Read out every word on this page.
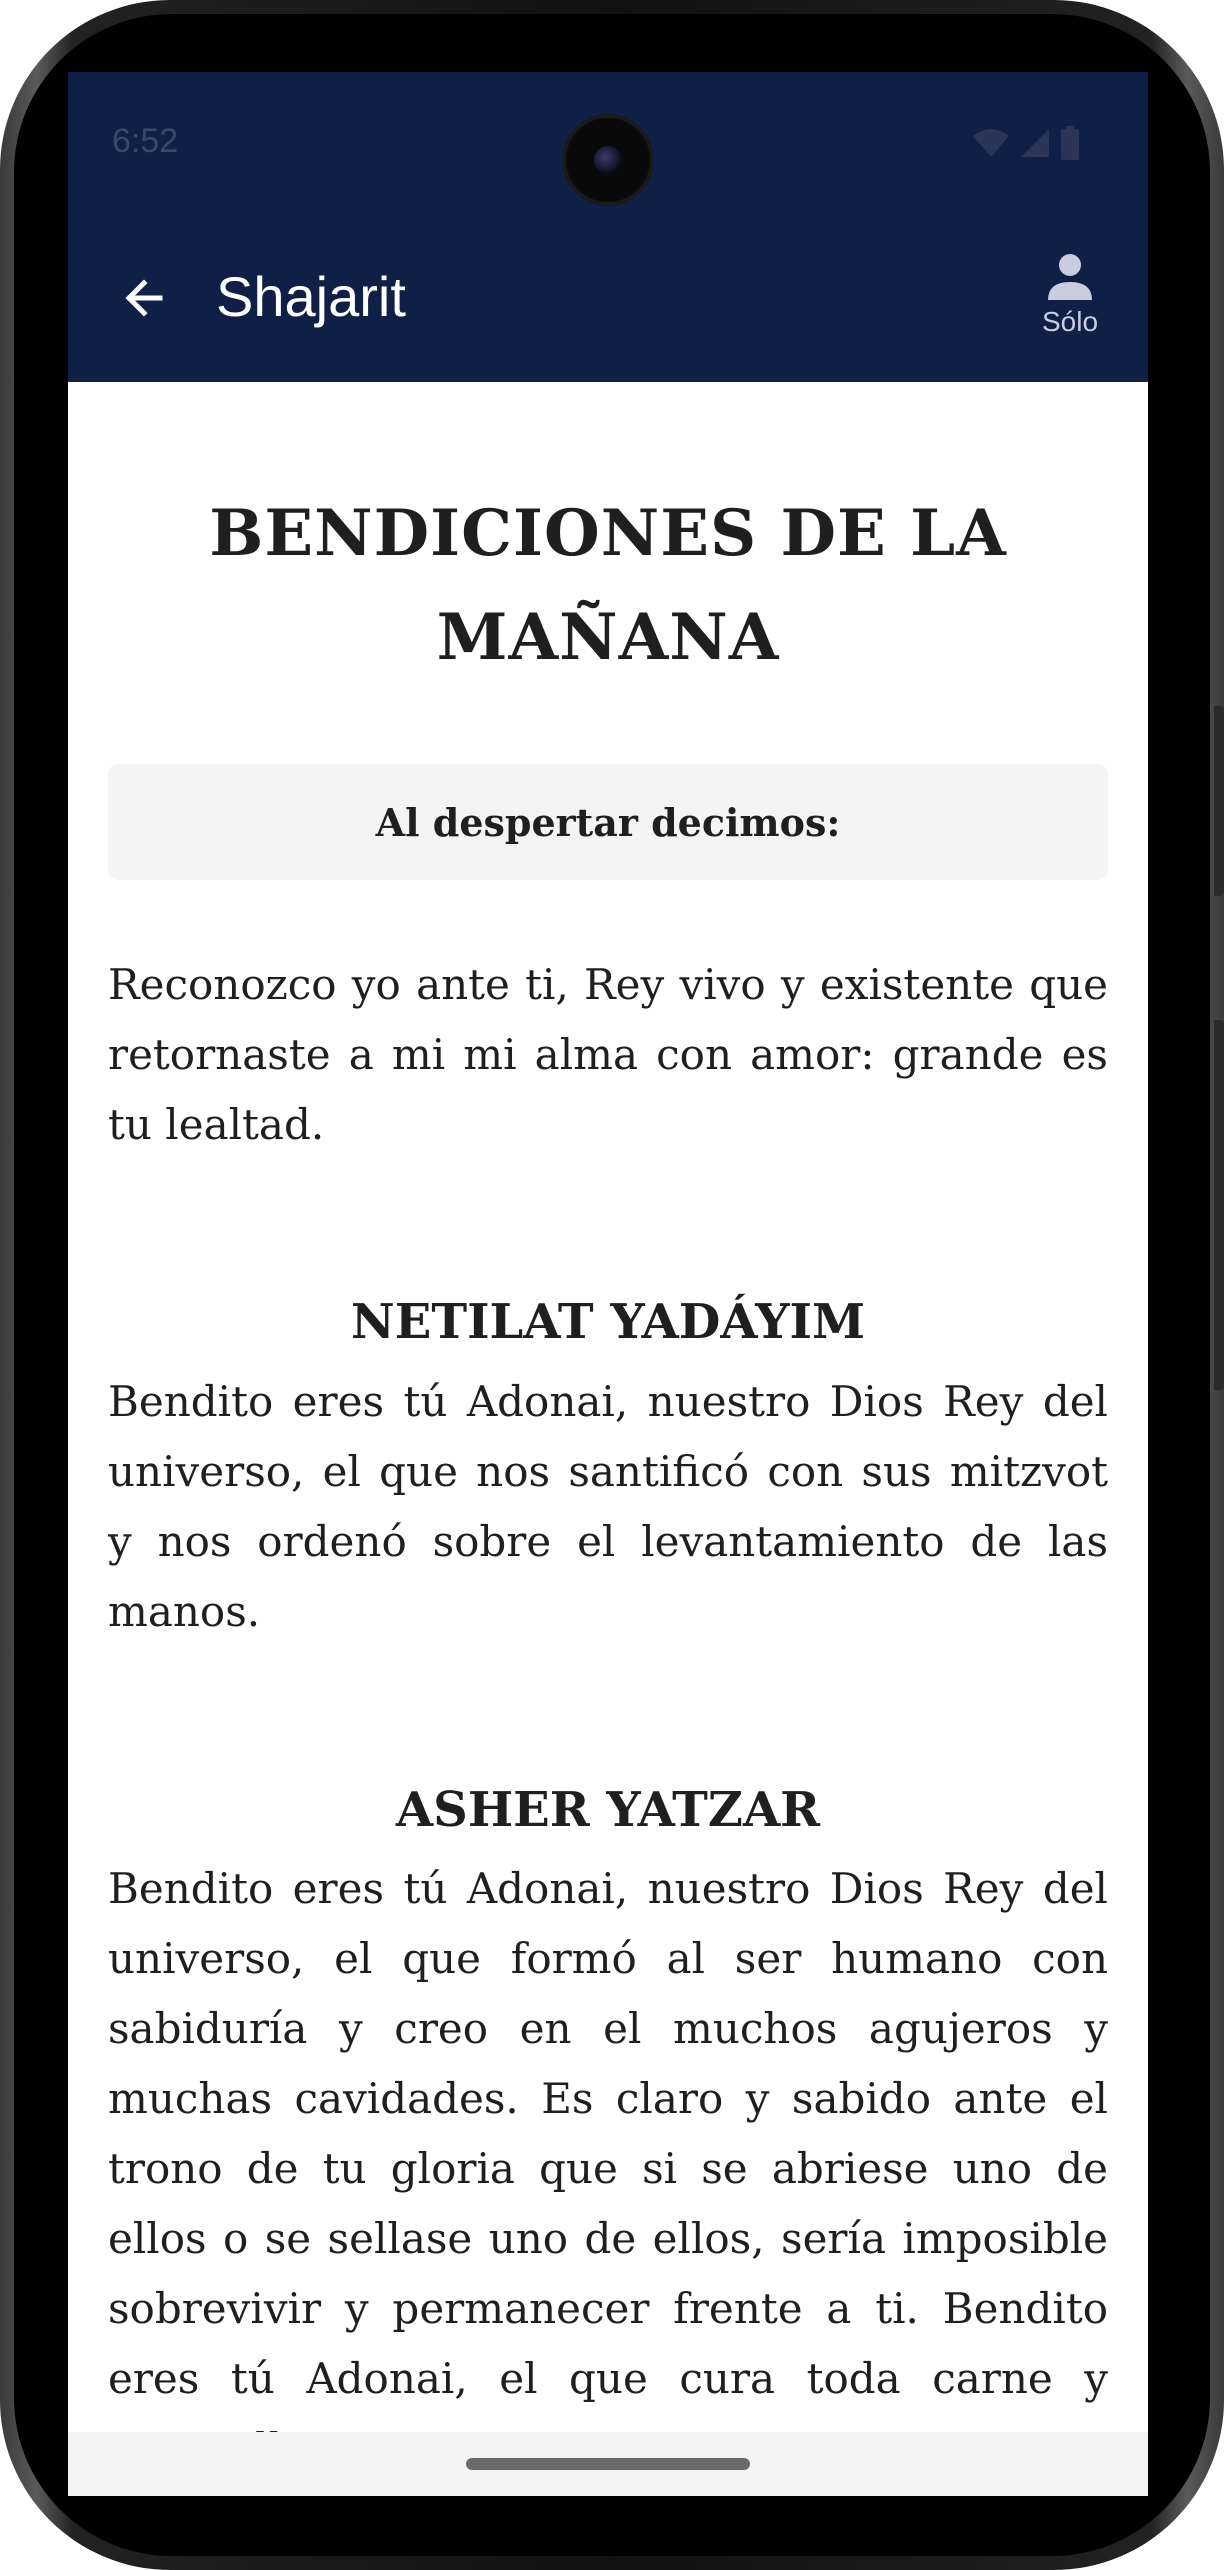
6:52
Shajarit	Sólo
BENDICIONES DE LA
MAÑANA
Al despertar decimos:

Reconozco yo ante ti, Rey vivo y existente que retornaste a mi mi alma con amor: grande es tu lealtad.

NETILAT YADÁYIM

Bendito eres tú Adonai, nuestro Dios Rey del universo, el que nos santificó con sus mitzvot y nos ordenó sobre el levantamiento de las manos.

ASHER YATZAR

Bendito eres tú Adonai, nuestro Dios Rey del universo, el que formó al ser humano con sabiduría y creo en el muchos agujeros y muchas cavidades. Es claro y sabido ante el trono de tu gloria que si se abriese uno de ellos o se sellase uno de ellos, sería imposible sobrevivir y permanecer frente a ti. Bendito eres tú Adonai, el que cura toda carne y
